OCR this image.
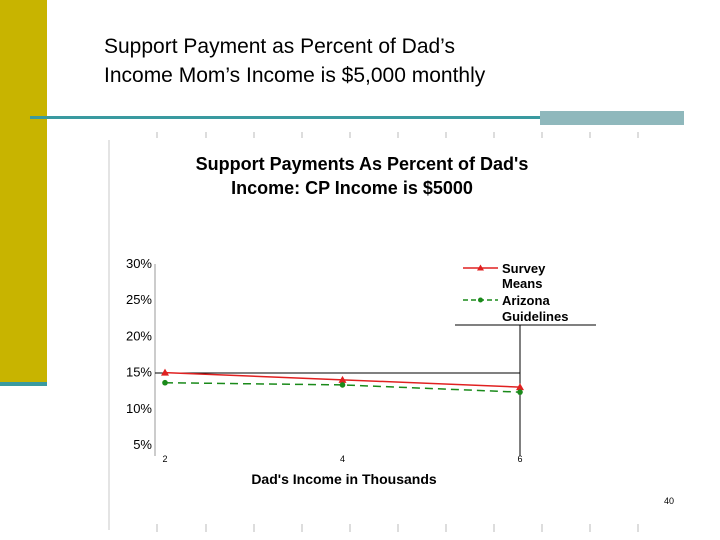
Support Payment as Percent of Dad’s
Income Mom’s Income is $5,000 monthly
Support Payments As Percent of Dad's
Income: CP Income is $5000
30%
25%
20%
15%
10%
5%
2	4	6
Dad's Income in Thousands
Survey
Means
Arizona
Guidelines
40
